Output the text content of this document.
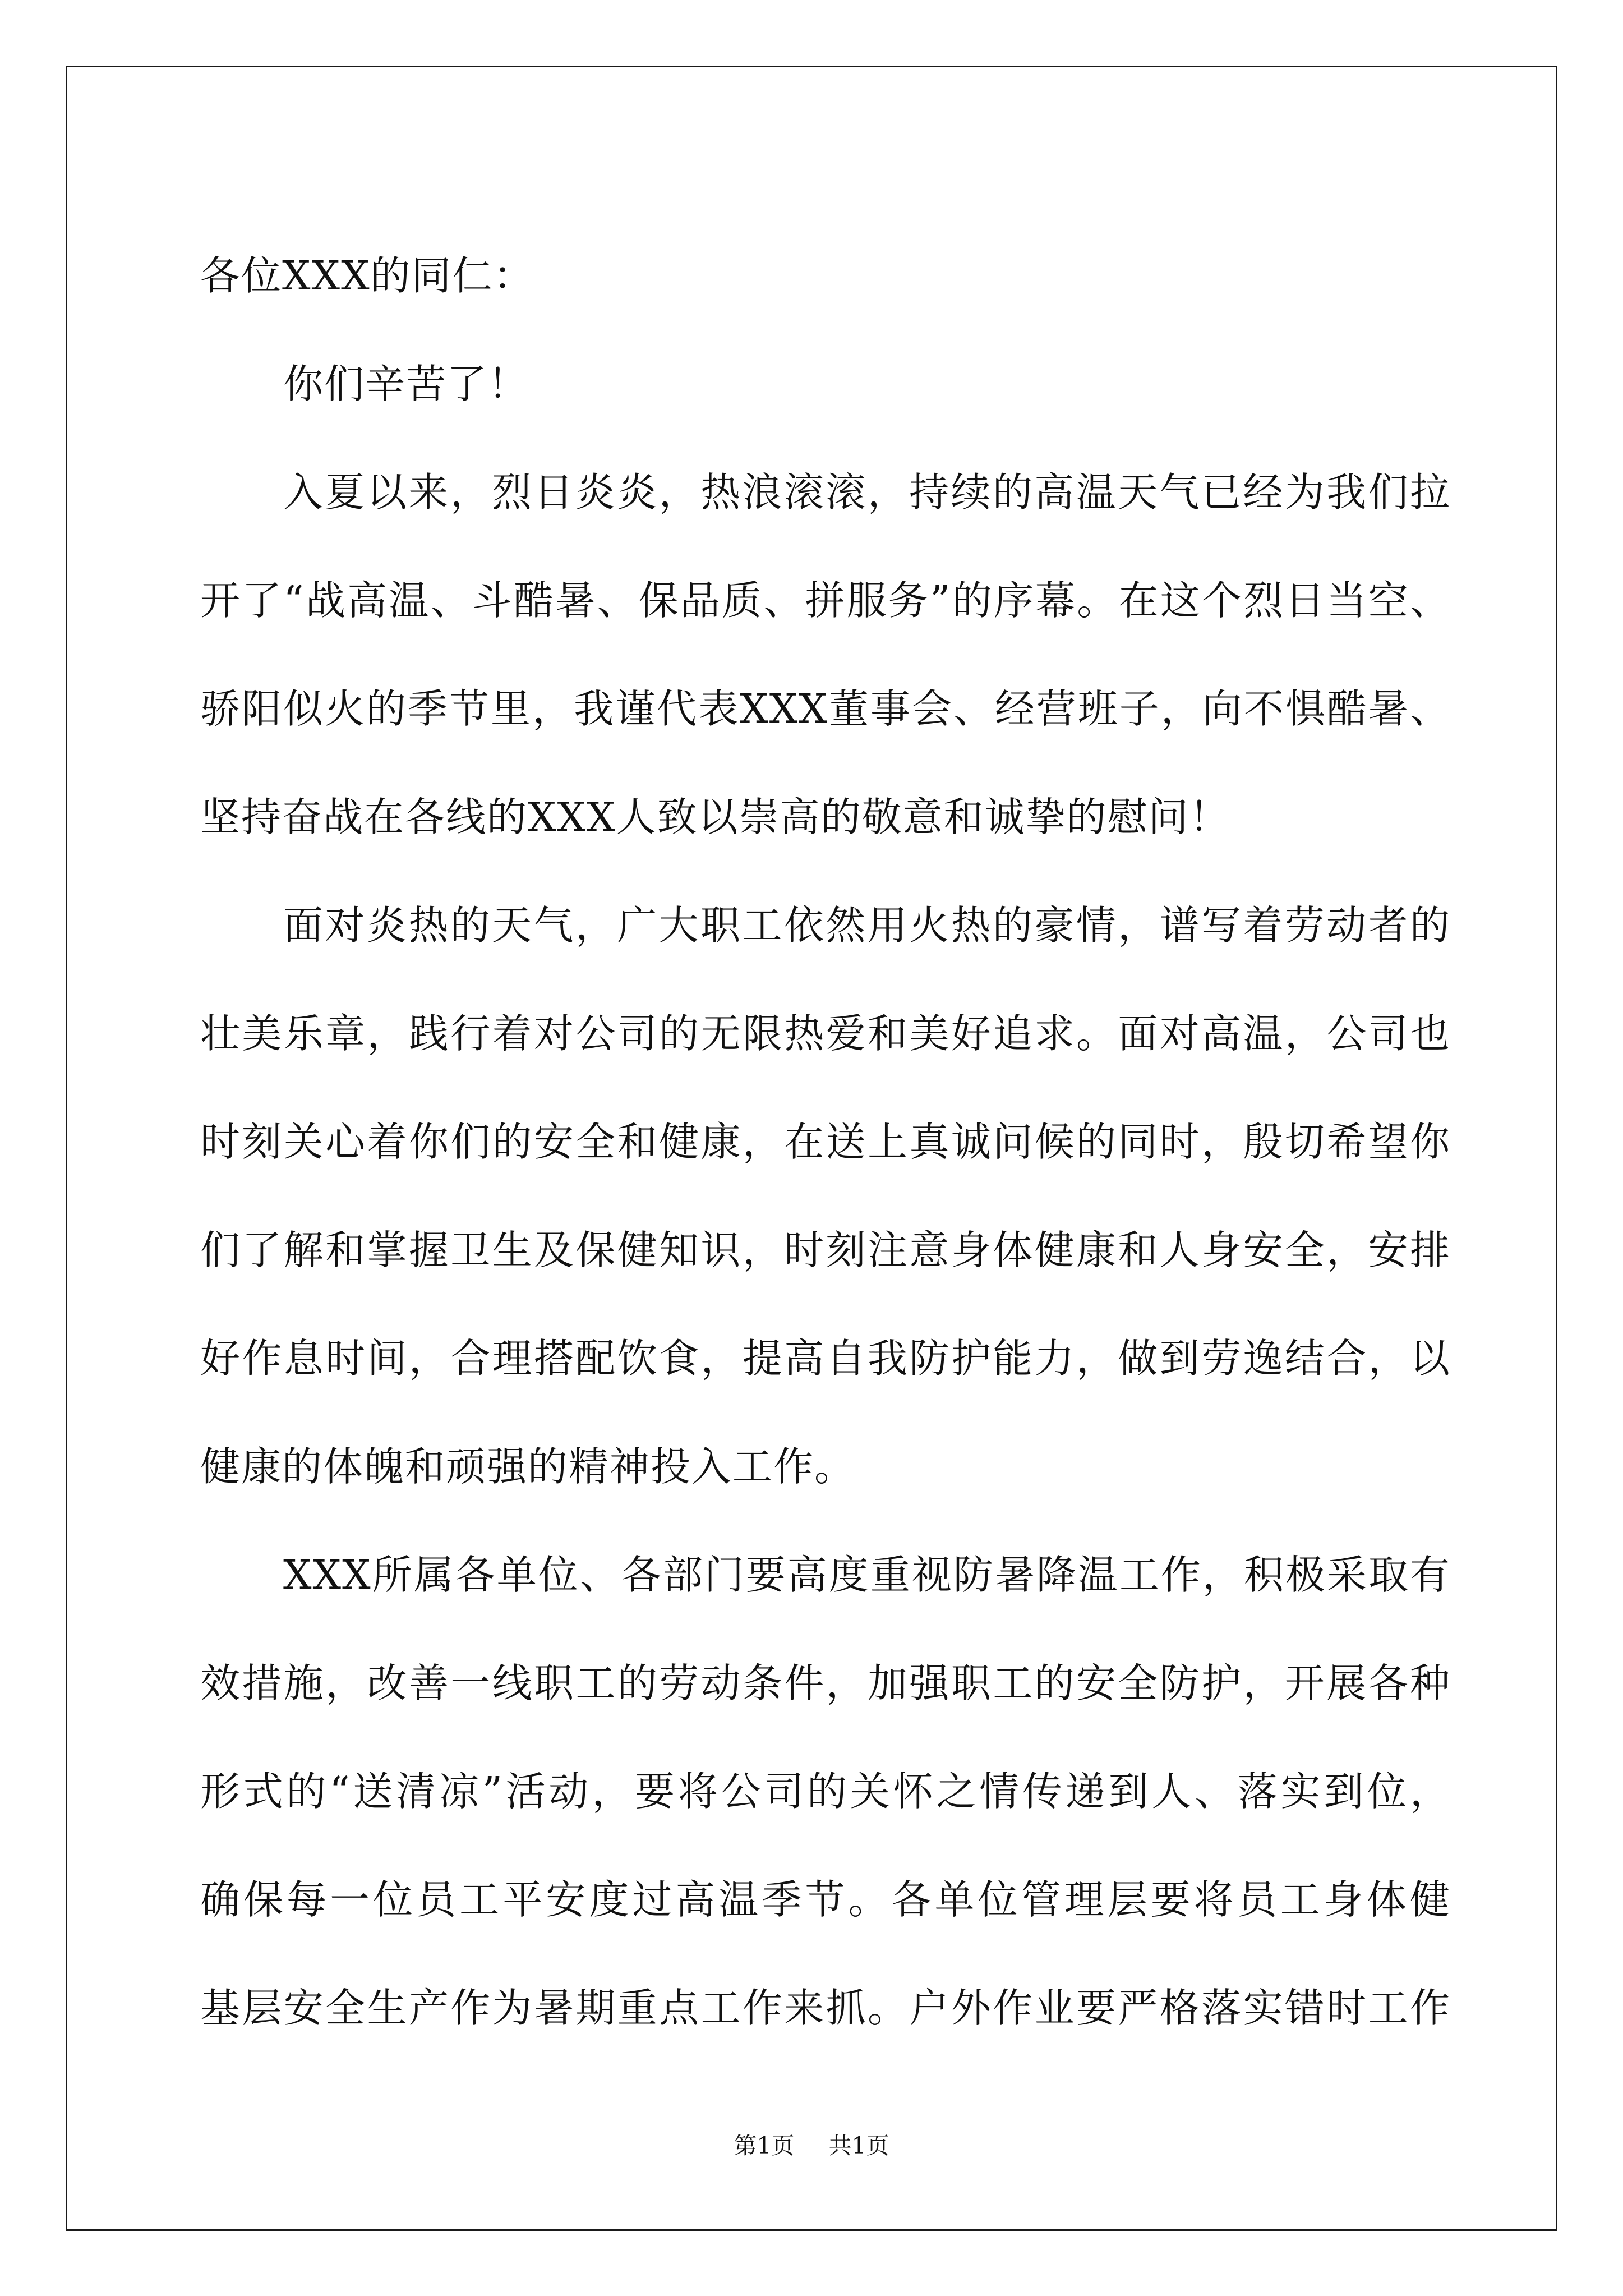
各位XXX的同仁：
你们辛苦了！
入夏以来，烈日炎炎，热浪滚滚，持续的高温天气已经为我们拉
开了“战高温、斗酷暑、保品质、拼服务”的序幕。在这个烈日当空、
骄阳似火的季节里，我谨代表XXX董事会、经营班子，向不惧酷暑、
坚持奋战在各线的XXX人致以崇高的敬意和诚挚的慰问！
面对炎热的天气，广大职工依然用火热的豪情，谱写着劳动者的
壮美乐章，践行着对公司的无限热爱和美好追求。面对高温，公司也
时刻关心着你们的安全和健康，在送上真诚问候的同时，殷切希望你
们了解和掌握卫生及保健知识，时刻注意身体健康和人身安全，安排
好作息时间，合理搭配饮食，提高自我防护能力，做到劳逸结合，以
健康的体魄和顽强的精神投入工作。
XXX所属各单位、各部门要高度重视防暑降温工作，积极采取有
效措施，改善一线职工的劳动条件，加强职工的安全防护，开展各种
形式的“送清凉”活动，要将公司的关怀之情传递到人、落实到位，
确保每一位员工平安度过高温季节。各单位管理层要将员工身体健
基层安全生产作为暑期重点工作来抓。户外作业要严格落实错时工作
第1页 共1页
